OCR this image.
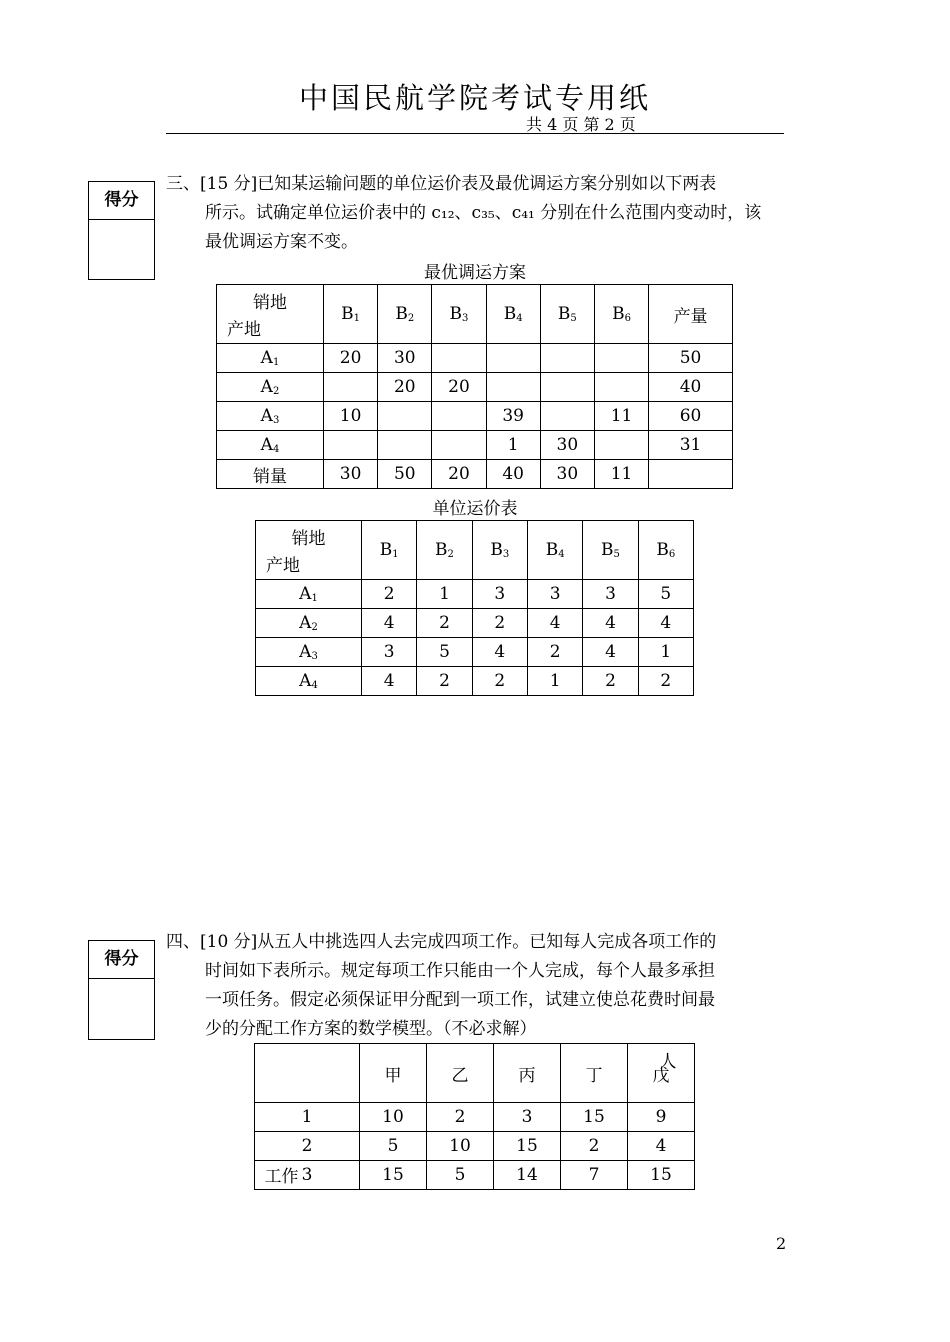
中国民航学院考试专用纸
共 4 页 第 2 页
得分
三、[15 分]已知某运输问题的单位运价表及最优调运方案分别如以下两表
所示。试确定单位运价表中的 c₁₂、c₃₅、c₄₁ 分别在什么范围内变动时，该
最优调运方案不变。
最优调运方案
销地
产地	$B_1$	$B_2$	$B_3$	$B_4$	$B_5$	$B_6$	产量
$A_1$	20	30					50
$A_2$		20	20				40
$A_3$	10			39		11	60
$A_4$				1	30		31
销量	30	50	20	40	30	11	
单位运价表
销地
产地	$B_1$	$B_2$	$B_3$	$B_4$	$B_5$	$B_6$
$A_1$	2	1	3	3	3	5
$A_2$	4	2	2	4	4	4
$A_3$	3	5	4	2	4	1
$A_4$	4	2	2	1	2	2
得分
四、[10 分]从五人中挑选四人去完成四项工作。已知每人完成各项工作的
时间如下表所示。规定每项工作只能由一个人完成，每个人最多承担
一项任务。假定必须保证甲分配到一项工作，试建立使总花费时间最
少的分配工作方案的数学模型。（不必求解）
人
工作	甲	乙	丙	丁	戊
1	10	2	3	15	9
2	5	10	15	2	4
3	15	5	14	7	15
2
